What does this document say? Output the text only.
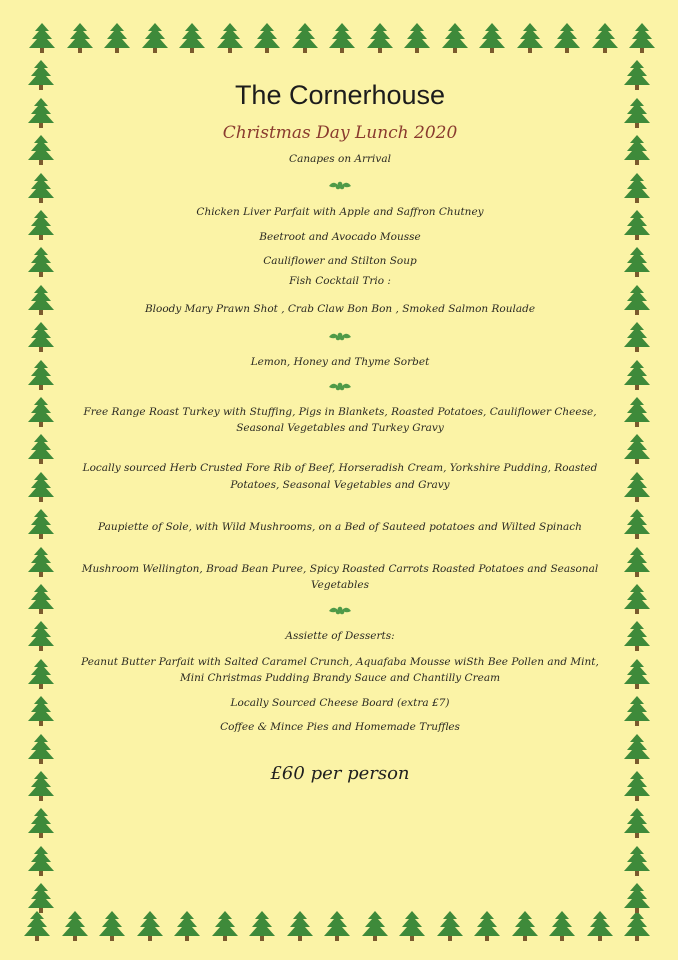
The Cornerhouse
Christmas Day Lunch 2020
Canapes on Arrival
Chicken Liver Parfait with Apple and Saffron Chutney
Beetroot and Avocado Mousse
Cauliflower and Stilton Soup
Fish Cocktail Trio :
Bloody Mary Prawn Shot , Crab Claw Bon Bon , Smoked Salmon Roulade
Lemon, Honey and Thyme Sorbet
Free Range Roast Turkey with Stuffing, Pigs in Blankets, Roasted Potatoes, Cauliflower Cheese, Seasonal Vegetables and Turkey Gravy
Locally sourced Herb Crusted Fore Rib of Beef, Horseradish Cream, Yorkshire Pudding, Roasted Potatoes, Seasonal Vegetables and Gravy
Paupiette of Sole, with Wild Mushrooms, on a Bed of Sauteed potatoes and Wilted Spinach
Mushroom Wellington, Broad Bean Puree, Spicy Roasted Carrots Roasted Potatoes and Seasonal Vegetables
Assiette of Desserts:
Peanut Butter Parfait with Salted Caramel Crunch, Aquafaba Mousse wiSth Bee Pollen and Mint, Mini Christmas Pudding Brandy Sauce and Chantilly Cream
Locally Sourced Cheese Board (extra £7)
Coffee & Mince Pies and Homemade Truffles
£60 per person
